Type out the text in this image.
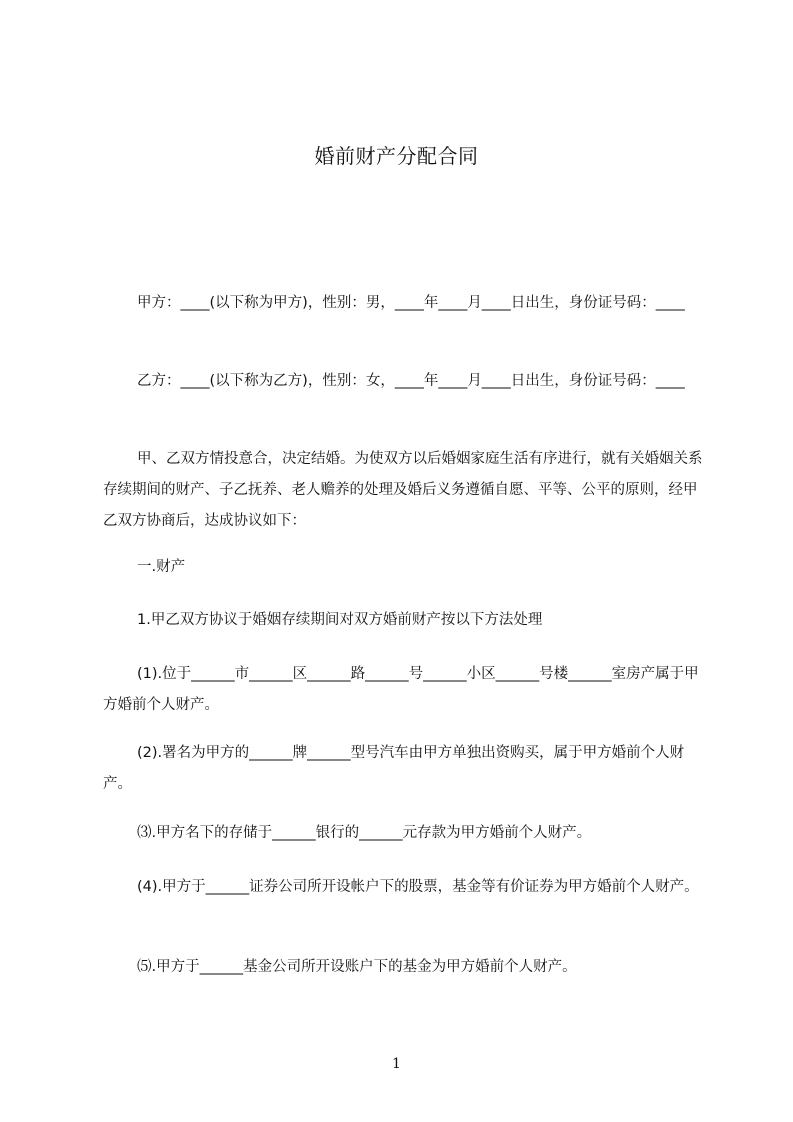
婚前财产分配合同

甲方：____(以下称为甲方)，性别：男，____年____月____日出生，身份证号码：____

乙方：____(以下称为乙方)，性别：女，____年____月____日出生，身份证号码：____

甲、乙双方情投意合，决定结婚。为使双方以后婚姻家庭生活有序进行，就有关婚姻关系存续期间的财产、子乙抚养、老人赡养的处理及婚后义务遵循自愿、平等、公平的原则，经甲乙双方协商后，达成协议如下：

一.财产

1.甲乙双方协议于婚姻存续期间对双方婚前财产按以下方法处理

(1).位于______市______区______路______号______小区______号楼______室房产属于甲方婚前个人财产。

(2).署名为甲方的______牌______型号汽车由甲方单独出资购买，属于甲方婚前个人财产。

⑶.甲方名下的存储于______银行的______元存款为甲方婚前个人财产。

(4).甲方于______证券公司所开设帐户下的股票，基金等有价证券为甲方婚前个人财产。

⑸.甲方于______基金公司所开设账户下的基金为甲方婚前个人财产。

1
